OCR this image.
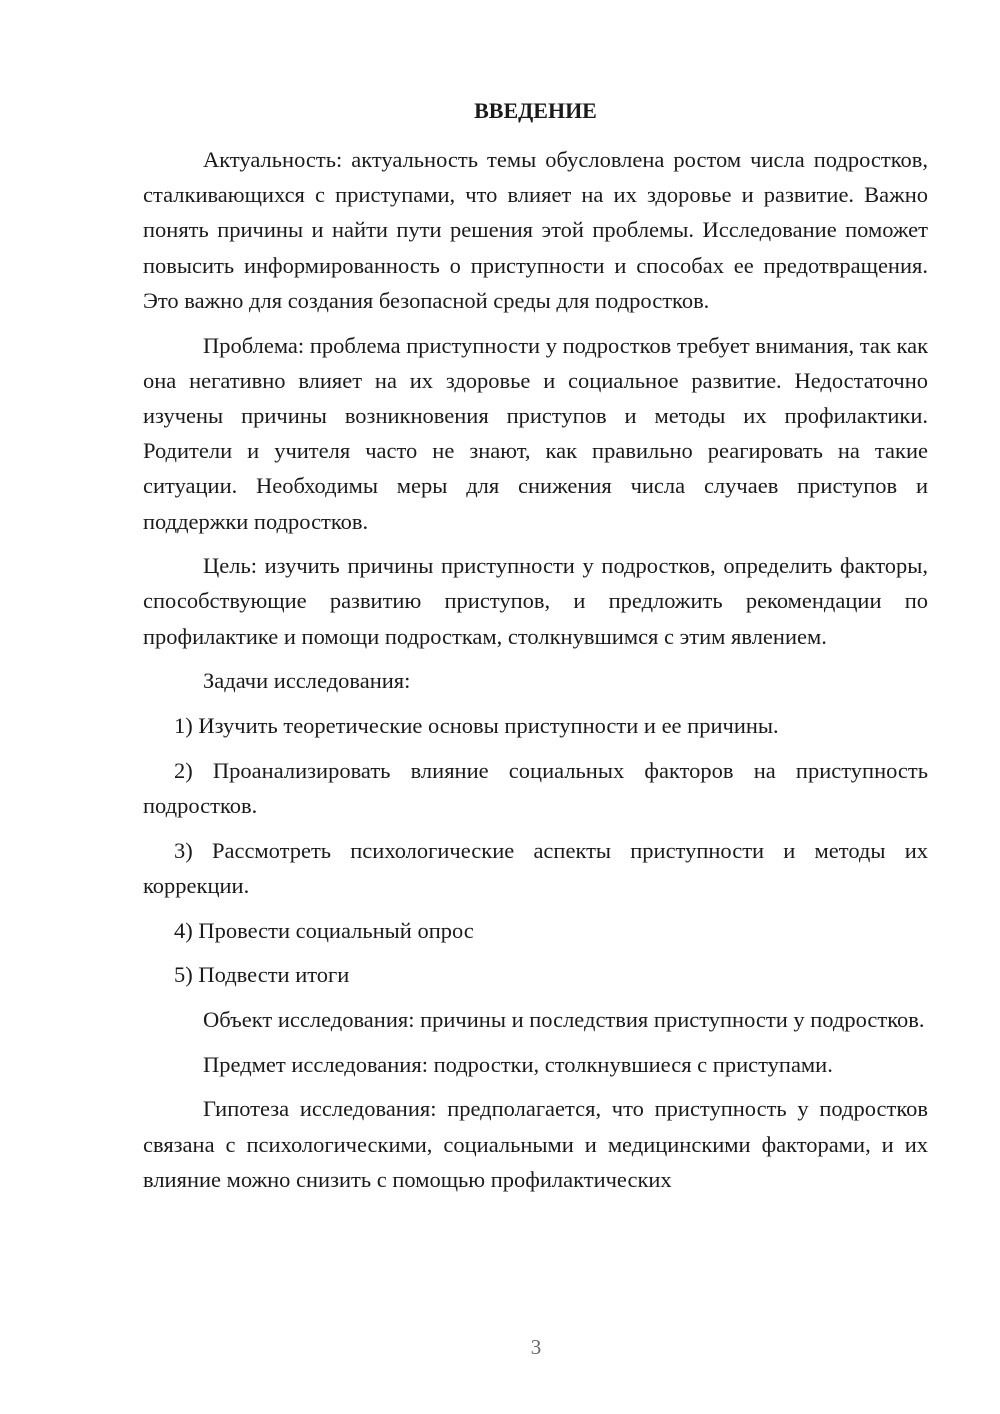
ВВЕДЕНИЕ

Актуальность: актуальность темы обусловлена ростом числа подростков, сталкивающихся с приступами, что влияет на их здоровье и развитие. Важно понять причины и найти пути решения этой проблемы. Исследование поможет повысить информированность о приступности и способах ее предотвращения. Это важно для создания безопасной среды для подростков.

Проблема: проблема приступности у подростков требует внимания, так как она негативно влияет на их здоровье и социальное развитие. Недостаточно изучены причины возникновения приступов и методы их профилактики. Родители и учителя часто не знают, как правильно реагировать на такие ситуации. Необходимы меры для снижения числа случаев приступов и поддержки подростков.

Цель: изучить причины приступности у подростков, определить факторы, способствующие развитию приступов, и предложить рекомендации по профилактике и помощи подросткам, столкнувшимся с этим явлением.

Задачи исследования:

1) Изучить теоретические основы приступности и ее причины.

2) Проанализировать влияние социальных факторов на приступность подростков.

3) Рассмотреть психологические аспекты приступности и методы их коррекции.

4) Провести социальный опрос

5) Подвести итоги

Объект исследования: причины и последствия приступности у подростков.

Предмет исследования: подростки, столкнувшиеся с приступами.

Гипотеза исследования: предполагается, что приступность у подростков связана с психологическими, социальными и медицинскими факторами, и их влияние можно снизить с помощью профилактических

3
